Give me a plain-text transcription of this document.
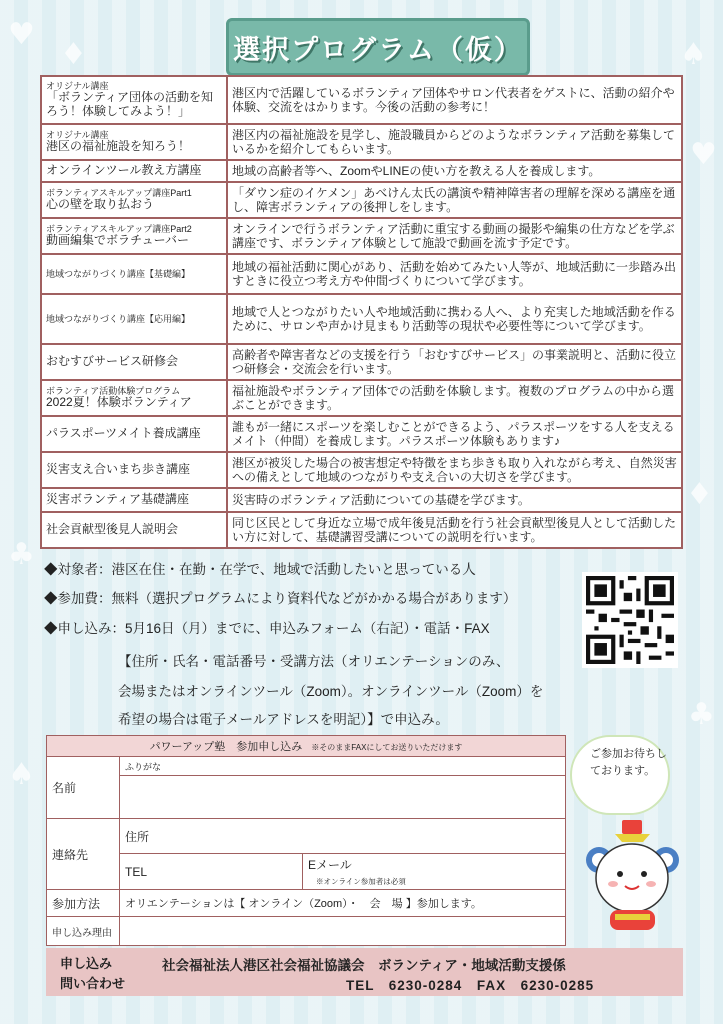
♥
♦	♠
♥
♣
♠
♦
♣
選択プログラム（仮）
オリジナル講座
「ボランティア団体の活動を知ろう！体験してみよう！」	港区内で活躍しているボランティア団体やサロン代表者をゲストに、活動の紹介や体験、交流をはかります。今後の活動の参考に！

オリジナル講座
港区の福祉施設を知ろう！	港区内の福祉施設を見学し、施設職員からどのようなボランティア活動を募集しているかを紹介してもらいます。

オンラインツール教え方講座	地域の高齢者等へ、ZoomやLINEの使い方を教える人を養成します。

ボランティアスキルアップ講座Part1
心の壁を取り払おう	「ダウン症のイケメン」あべけん太氏の講演や精神障害者の理解を深める講座を通し、障害ボランティアの後押しをします。

ボランティアスキルアップ講座Part2
動画編集でボラチューバー	オンラインで行うボランティア活動に重宝する動画の撮影や編集の仕方などを学ぶ講座です、ボランティア体験として施設で動画を流す予定です。

地域つながりづくり講座【基礎編】	地域の福祉活動に関心があり、活動を始めてみたい人等が、地域活動に一歩踏み出すときに役立つ考え方や仲間づくりについて学びます。

地域つながりづくり講座【応用編】	地域で人とつながりたい人や地域活動に携わる人へ、より充実した地域活動を作るために、サロンや声かけ見まもり活動等の現状や必要性等について学びます。

おむすびサービス研修会	高齢者や障害者などの支援を行う「おむすびサービス」の事業説明と、活動に役立つ研修会・交流会を行います。

ボランティア活動体験プログラム
2022夏！体験ボランティア	福祉施設やボランティア団体での活動を体験します。複数のプログラムの中から選ぶことができます。

パラスポーツメイト養成講座	誰もが一緒にスポーツを楽しむことができるよう、パラスポーツをする人を支えるメイト（仲間）を養成します。パラスポーツ体験もあります♪

災害支え合いまち歩き講座	港区が被災した場合の被害想定や特徴をまち歩きも取り入れながら考え、自然災害への備えとして地域のつながりや支え合いの大切さを学びます。

災害ボランティア基礎講座	災害時のボランティア活動についての基礎を学びます。

社会貢献型後見人説明会	同じ区民として身近な立場で成年後見活動を行う社会貢献型後見人として活動したい方に対して、基礎講習受講についての説明を行います。
◆対象者：港区在住・在勤・在学で、地域で活動したいと思っている人
◆参加費：無料（選択プログラムにより資料代などがかかる場合があります）
◆申し込み：5月16日（月）までに、申込みフォーム（右記）・電話・FAX
【住所・氏名・電話番号・受講方法（オリエンテーションのみ、
会場またはオンラインツール（Zoom）。オンラインツール（Zoom）を
希望の場合は電子メールアドレスを明記）】で申込み。
パワーアップ塾　参加申し込み ※そのままFAXにしてお送りいただけます		
名前	ふりがな	

連絡先	住所	
	TEL	Eメール
※オンライン参加者は必須
参加方法	オリエンテーションは【 オンライン（Zoom）・　会　場 】参加します。	
申し込み理由		
ご参加お待ちしております。
申し込み
問い合わせ
社会福祉法人港区社会福祉協議会　ボランティア・地域活動支援係
TEL　6230-0284　FAX　6230-0285
